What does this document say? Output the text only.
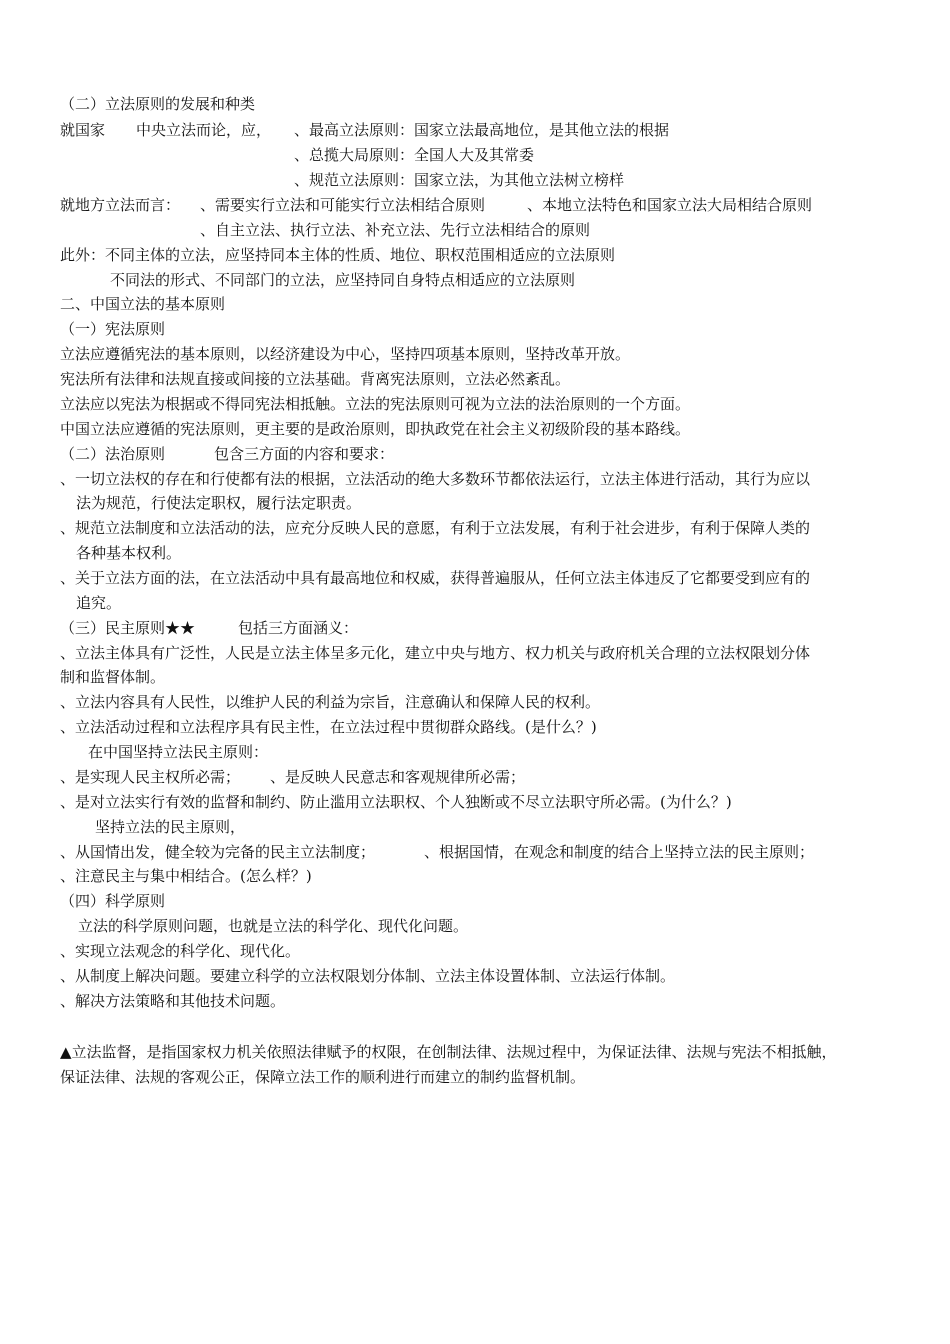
（二）立法原则的发展和种类
就国家 中央立法而论，应， 、最高立法原则：国家立法最高地位，是其他立法的根据
、总揽大局原则：全国人大及其常委
、规范立法原则：国家立法，为其他立法树立榜样
就地方立法而言： 、需要实行立法和可能实行立法相结合原则	、本地立法特色和国家立法大局相结合原则
、自主立法、执行立法、补充立法、先行立法相结合的原则
此外：不同主体的立法，应坚持同本主体的性质、地位、职权范围相适应的立法原则
不同法的形式、不同部门的立法，应坚持同自身特点相适应的立法原则
二、中国立法的基本原则
（一）宪法原则
立法应遵循宪法的基本原则，以经济建设为中心，坚持四项基本原则，坚持改革开放。
宪法所有法律和法规直接或间接的立法基础。背离宪法原则，立法必然紊乱。
立法应以宪法为根据或不得同宪法相抵触。立法的宪法原则可视为立法的法治原则的一个方面。
中国立法应遵循的宪法原则，更主要的是政治原则，即执政党在社会主义初级阶段的基本路线。
（二）法治原则	包含三方面的内容和要求：
、一切立法权的存在和行使都有法的根据，立法活动的绝大多数环节都依法运行，立法主体进行活动，其行为应以
法为规范，行使法定职权，履行法定职责。
、规范立法制度和立法活动的法，应充分反映人民的意愿，有利于立法发展，有利于社会进步，有利于保障人类的
各种基本权利。
、关于立法方面的法，在立法活动中具有最高地位和权威，获得普遍服从，任何立法主体违反了它都要受到应有的
追究。
（三）民主原则★★	包括三方面涵义：
、立法主体具有广泛性，人民是立法主体呈多元化，建立中央与地方、权力机关与政府机关合理的立法权限划分体
制和监督体制。
、立法内容具有人民性，以维护人民的利益为宗旨，注意确认和保障人民的权利。
、立法活动过程和立法程序具有民主性，在立法过程中贯彻群众路线。(是什么？)
在中国坚持立法民主原则：
、是实现人民主权所必需； 、是反映人民意志和客观规律所必需；
、是对立法实行有效的监督和制约、防止滥用立法职权、个人独断或不尽立法职守所必需。(为什么？)
坚持立法的民主原则，
、从国情出发，健全较为完备的民主立法制度；	、根据国情，在观念和制度的结合上坚持立法的民主原则；
、注意民主与集中相结合。(怎么样？)
（四）科学原则
立法的科学原则问题，也就是立法的科学化、现代化问题。
、实现立法观念的科学化、现代化。
、从制度上解决问题。要建立科学的立法权限划分体制、立法主体设置体制、立法运行体制。
、解决方法策略和其他技术问题。
▲立法监督，是指国家权力机关依照法律赋予的权限，在创制法律、法规过程中，为保证法律、法规与宪法不相抵触，
保证法律、法规的客观公正，保障立法工作的顺利进行而建立的制约监督机制。
